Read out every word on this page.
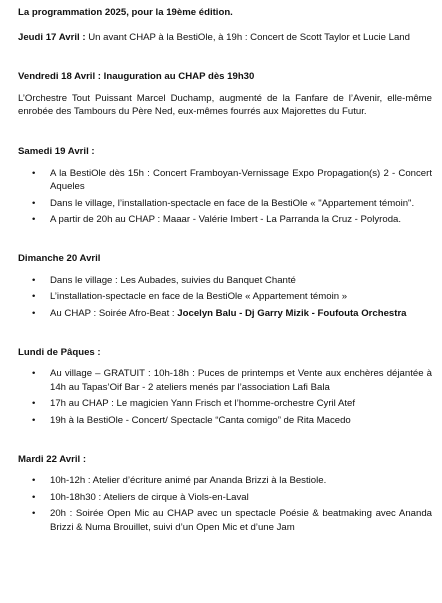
La programmation 2025, pour la 19ème édition.

Jeudi 17 Avril : Un avant CHAP à la BestiOle, à 19h : Concert de Scott Taylor et Lucie Land

Vendredi 18 Avril : Inauguration au CHAP dès 19h30

L’Orchestre Tout Puissant Marcel Duchamp, augmenté de la Fanfare de l’Avenir, elle-même enrobée des Tambours du Père Ned, eux-mêmes fourrés aux Majorettes du Futur.

Samedi 19 Avril :

• A la BestiOle dès 15h : Concert Framboyan-Vernissage Expo Propagation(s) 2 - Concert Aqueles
• Dans le village, l’installation-spectacle en face de la BestiOle « "Appartement témoin".
• A partir de 20h au CHAP : Maaar - Valérie Imbert - La Parranda la Cruz - Polyroda.

Dimanche 20 Avril

• Dans le village : Les Aubades, suivies du Banquet Chanté
• L’installation-spectacle en face de la BestiOle « Appartement témoin »
• Au CHAP : Soirée Afro-Beat : Jocelyn Balu - Dj Garry Mizik - Foufouta Orchestra

Lundi de Pâques :

• Au village – GRATUIT : 10h-18h : Puces de printemps et Vente aux enchères déjantée à 14h au Tapas’Oif Bar - 2 ateliers menés par l’association Lafi Bala
• 17h au CHAP : Le magicien Yann Frisch et l’homme-orchestre Cyril Atef
• 19h à la BestiOle - Concert/ Spectacle “Canta comigo” de Rita Macedo

Mardi 22 Avril :

• 10h-12h : Atelier d’écriture animé par Ananda Brizzi à la Bestiole.
• 10h-18h30 : Ateliers de cirque à Viols-en-Laval
• 20h : Soirée Open Mic au CHAP avec un spectacle Poésie & beatmaking avec Ananda Brizzi & Numa Brouillet, suivi d’un Open Mic et d’une Jam
